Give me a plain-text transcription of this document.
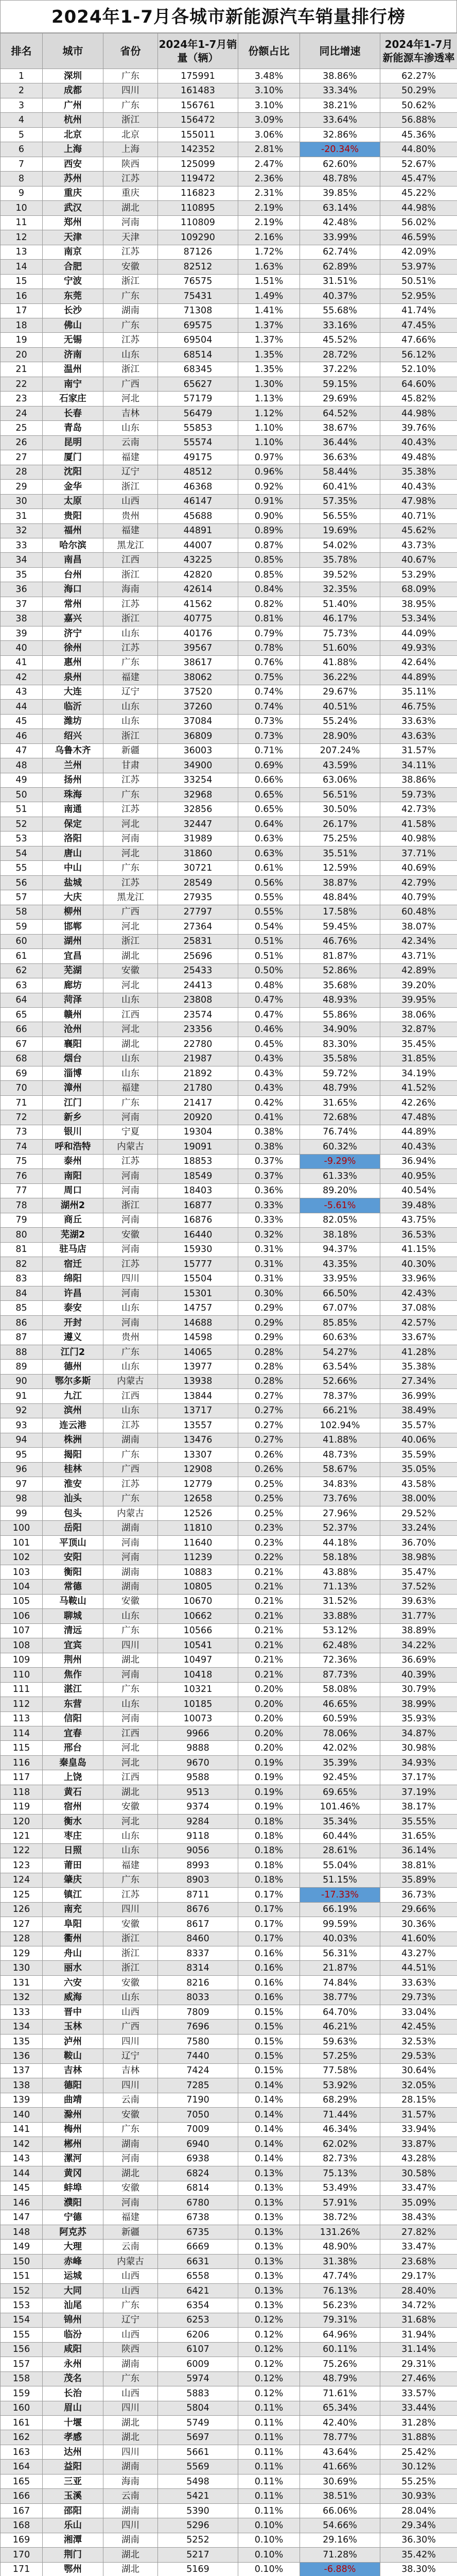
2024年1-7月各城市新能源汽车销量排行榜
排名	城市	省份	2024年1-7月销量（辆）	份额占比	同比增速	2024年1-7月新能源车渗透率
1	深圳	广东	175991	3.48%	38.86%	62.27%
2	成都	四川	161483	3.10%	33.34%	50.29%
3	广州	广东	156761	3.10%	38.21%	50.62%
4	杭州	浙江	156472	3.09%	33.64%	56.88%
5	北京	北京	155011	3.06%	32.86%	45.36%
6	上海	上海	142352	2.81%	-20.34%	44.80%
7	西安	陕西	125099	2.47%	62.60%	52.67%
8	苏州	江苏	119472	2.36%	48.78%	45.47%
9	重庆	重庆	116823	2.31%	39.85%	45.22%
10	武汉	湖北	110895	2.19%	63.14%	44.98%
11	郑州	河南	110809	2.19%	42.48%	56.02%
12	天津	天津	109290	2.16%	33.99%	46.59%
13	南京	江苏	87126	1.72%	62.74%	42.09%
14	合肥	安徽	82512	1.63%	62.89%	53.97%
15	宁波	浙江	76575	1.51%	31.51%	50.51%
16	东莞	广东	75431	1.49%	40.37%	52.95%
17	长沙	湖南	71308	1.41%	55.68%	41.74%
18	佛山	广东	69575	1.37%	33.16%	47.45%
19	无锡	江苏	69504	1.37%	45.52%	47.66%
20	济南	山东	68514	1.35%	28.72%	56.12%
21	温州	浙江	68345	1.35%	37.22%	52.10%
22	南宁	广西	65627	1.30%	59.15%	64.60%
23	石家庄	河北	57179	1.13%	29.69%	45.82%
24	长春	吉林	56479	1.12%	64.52%	44.98%
25	青岛	山东	55853	1.10%	38.67%	39.76%
26	昆明	云南	55574	1.10%	36.44%	40.43%
27	厦门	福建	49175	0.97%	36.63%	49.48%
28	沈阳	辽宁	48512	0.96%	58.44%	35.38%
29	金华	浙江	46368	0.92%	60.41%	40.43%
30	太原	山西	46147	0.91%	57.35%	47.98%
31	贵阳	贵州	45688	0.90%	56.55%	40.71%
32	福州	福建	44891	0.89%	19.69%	45.62%
33	哈尔滨	黑龙江	44007	0.87%	54.02%	43.73%
34	南昌	江西	43225	0.85%	35.78%	40.67%
35	台州	浙江	42820	0.85%	39.52%	53.29%
36	海口	海南	42614	0.84%	32.35%	68.09%
37	常州	江苏	41562	0.82%	51.40%	38.95%
38	嘉兴	浙江	40775	0.81%	46.17%	53.34%
39	济宁	山东	40176	0.79%	75.73%	44.09%
40	徐州	江苏	39567	0.78%	51.60%	49.93%
41	惠州	广东	38617	0.76%	41.88%	42.64%
42	泉州	福建	38062	0.75%	36.22%	44.89%
43	大连	辽宁	37520	0.74%	29.67%	35.11%
44	临沂	山东	37260	0.74%	40.51%	46.75%
45	潍坊	山东	37084	0.73%	55.24%	33.63%
46	绍兴	浙江	36809	0.73%	28.90%	43.63%
47	乌鲁木齐	新疆	36003	0.71%	207.24%	31.57%
48	兰州	甘肃	34900	0.69%	43.59%	34.11%
49	扬州	江苏	33254	0.66%	63.06%	38.86%
50	珠海	广东	32968	0.65%	56.51%	59.73%
51	南通	江苏	32856	0.65%	30.50%	42.73%
52	保定	河北	32447	0.64%	26.17%	41.58%
53	洛阳	河南	31989	0.63%	75.25%	40.98%
54	唐山	河北	31860	0.63%	35.51%	37.71%
55	中山	广东	30721	0.61%	12.59%	40.69%
56	盐城	江苏	28549	0.56%	38.87%	42.79%
57	大庆	黑龙江	27935	0.55%	48.84%	40.79%
58	柳州	广西	27797	0.55%	17.58%	60.48%
59	邯郸	河北	27364	0.54%	59.45%	38.07%
60	湖州	浙江	25831	0.51%	46.76%	42.34%
61	宜昌	湖北	25696	0.51%	81.87%	43.71%
62	芜湖	安徽	25433	0.50%	52.86%	42.89%
63	廊坊	河北	24413	0.48%	35.68%	39.20%
64	菏泽	山东	23808	0.47%	48.93%	39.95%
65	赣州	江西	23574	0.47%	55.86%	38.06%
66	沧州	河北	23356	0.46%	34.90%	32.87%
67	襄阳	湖北	22780	0.45%	83.30%	35.45%
68	烟台	山东	21987	0.43%	35.58%	31.85%
69	淄博	山东	21892	0.43%	59.72%	34.19%
70	漳州	福建	21780	0.43%	48.79%	41.52%
71	江门	广东	21417	0.42%	31.65%	42.26%
72	新乡	河南	20920	0.41%	72.68%	47.48%
73	银川	宁夏	19304	0.38%	76.74%	44.89%
74	呼和浩特	内蒙古	19091	0.38%	60.32%	40.43%
75	泰州	江苏	18853	0.37%	-9.29%	36.94%
76	南阳	河南	18549	0.37%	61.33%	40.95%
77	周口	河南	18403	0.36%	89.20%	40.54%
78	湖州2	浙江	16877	0.33%	-5.61%	39.48%
79	商丘	河南	16876	0.33%	82.05%	43.75%
80	芜湖2	安徽	16440	0.32%	38.18%	36.53%
81	驻马店	河南	15930	0.31%	94.37%	41.15%
82	宿迁	江苏	15777	0.31%	43.35%	40.30%
83	绵阳	四川	15504	0.31%	33.95%	33.96%
84	许昌	河南	15301	0.30%	66.50%	42.43%
85	泰安	山东	14757	0.29%	67.07%	37.08%
86	开封	河南	14688	0.29%	85.85%	42.57%
87	遵义	贵州	14598	0.29%	60.63%	33.67%
88	江门2	广东	14065	0.28%	54.27%	41.28%
89	德州	山东	13977	0.28%	63.54%	35.38%
90	鄂尔多斯	内蒙古	13938	0.28%	52.66%	27.34%
91	九江	江西	13844	0.27%	78.37%	36.99%
92	滨州	山东	13717	0.27%	66.21%	38.49%
93	连云港	江苏	13557	0.27%	102.94%	35.57%
94	株洲	湖南	13476	0.27%	41.88%	40.06%
95	揭阳	广东	13307	0.26%	48.73%	35.59%
96	桂林	广西	12908	0.26%	58.67%	35.05%
97	淮安	江苏	12779	0.25%	34.83%	43.58%
98	汕头	广东	12658	0.25%	73.76%	38.00%
99	包头	内蒙古	12526	0.25%	27.96%	29.52%
100	岳阳	湖南	11810	0.23%	52.37%	33.24%
101	平顶山	河南	11640	0.23%	44.18%	36.70%
102	安阳	河南	11239	0.22%	58.18%	38.98%
103	衡阳	湖南	10883	0.21%	43.88%	35.47%
104	常德	湖南	10805	0.21%	71.13%	37.52%
105	马鞍山	安徽	10670	0.21%	31.52%	39.63%
106	聊城	山东	10662	0.21%	33.88%	31.77%
107	清远	广东	10566	0.21%	53.12%	38.89%
108	宜宾	四川	10541	0.21%	62.48%	34.22%
109	荆州	湖北	10497	0.21%	72.36%	36.69%
110	焦作	河南	10418	0.21%	87.73%	40.39%
111	湛江	广东	10321	0.20%	58.08%	30.79%
112	东营	山东	10185	0.20%	46.65%	38.99%
113	信阳	河南	10073	0.20%	60.59%	35.93%
114	宜春	江西	9966	0.20%	78.06%	34.87%
115	邢台	河北	9888	0.20%	42.02%	30.98%
116	秦皇岛	河北	9670	0.19%	35.39%	34.93%
117	上饶	江西	9588	0.19%	92.45%	37.17%
118	黄石	湖北	9513	0.19%	69.65%	37.19%
119	宿州	安徽	9374	0.19%	101.46%	38.17%
120	衡水	河北	9284	0.18%	35.34%	35.55%
121	枣庄	山东	9118	0.18%	60.44%	31.65%
122	日照	山东	9056	0.18%	28.61%	36.14%
123	莆田	福建	8993	0.18%	55.04%	38.81%
124	肇庆	广东	8903	0.18%	51.15%	35.89%
125	镇江	江苏	8711	0.17%	-17.33%	36.73%
126	南充	四川	8676	0.17%	66.19%	29.66%
127	阜阳	安徽	8617	0.17%	99.59%	30.36%
128	衢州	浙江	8460	0.17%	40.03%	41.60%
129	舟山	浙江	8337	0.16%	56.31%	43.27%
130	丽水	浙江	8314	0.16%	21.87%	44.51%
131	六安	安徽	8216	0.16%	74.84%	33.63%
132	威海	山东	8033	0.16%	38.77%	29.73%
133	晋中	山西	7809	0.15%	64.70%	33.04%
134	玉林	广西	7696	0.15%	46.21%	42.45%
135	泸州	四川	7580	0.15%	59.63%	32.53%
136	鞍山	辽宁	7440	0.15%	57.25%	29.53%
137	吉林	吉林	7424	0.15%	77.58%	30.64%
138	德阳	四川	7285	0.14%	53.92%	32.05%
139	曲靖	云南	7190	0.14%	68.29%	28.15%
140	滁州	安徽	7050	0.14%	71.44%	31.57%
141	梅州	广东	7009	0.14%	46.34%	33.94%
142	郴州	湖南	6940	0.14%	62.02%	33.87%
143	漯河	河南	6938	0.14%	82.73%	43.28%
144	黄冈	湖北	6824	0.13%	75.13%	30.58%
145	蚌埠	安徽	6814	0.13%	53.49%	33.47%
146	濮阳	河南	6780	0.13%	57.91%	35.09%
147	宁德	福建	6738	0.13%	38.72%	38.43%
148	阿克苏	新疆	6735	0.13%	131.26%	27.82%
149	大理	云南	6669	0.13%	48.90%	33.47%
150	赤峰	内蒙古	6631	0.13%	31.38%	23.68%
151	运城	山西	6558	0.13%	47.74%	29.17%
152	大同	山西	6421	0.13%	76.13%	28.40%
153	汕尾	广东	6354	0.13%	56.23%	34.72%
154	锦州	辽宁	6253	0.12%	79.31%	31.68%
155	临汾	山西	6206	0.12%	64.96%	31.94%
156	咸阳	陕西	6107	0.12%	60.11%	31.14%
157	永州	湖南	6009	0.12%	75.26%	29.31%
158	茂名	广东	5974	0.12%	48.79%	27.46%
159	长治	山西	5883	0.12%	71.61%	33.57%
160	眉山	四川	5804	0.11%	65.34%	33.44%
161	十堰	湖北	5749	0.11%	42.40%	31.28%
162	孝感	湖北	5697	0.11%	78.77%	31.88%
163	达州	四川	5661	0.11%	43.64%	25.42%
164	益阳	湖南	5569	0.11%	41.66%	30.12%
165	三亚	海南	5498	0.11%	30.69%	55.25%
166	玉溪	云南	5421	0.11%	38.51%	30.93%
167	邵阳	湖南	5390	0.11%	66.06%	28.04%
168	乐山	四川	5296	0.10%	54.66%	29.34%
169	湘潭	湖南	5252	0.10%	29.16%	36.30%
170	荆门	湖北	5217	0.10%	71.28%	35.42%
171	鄂州	湖北	5169	0.10%	-6.88%	38.30%
